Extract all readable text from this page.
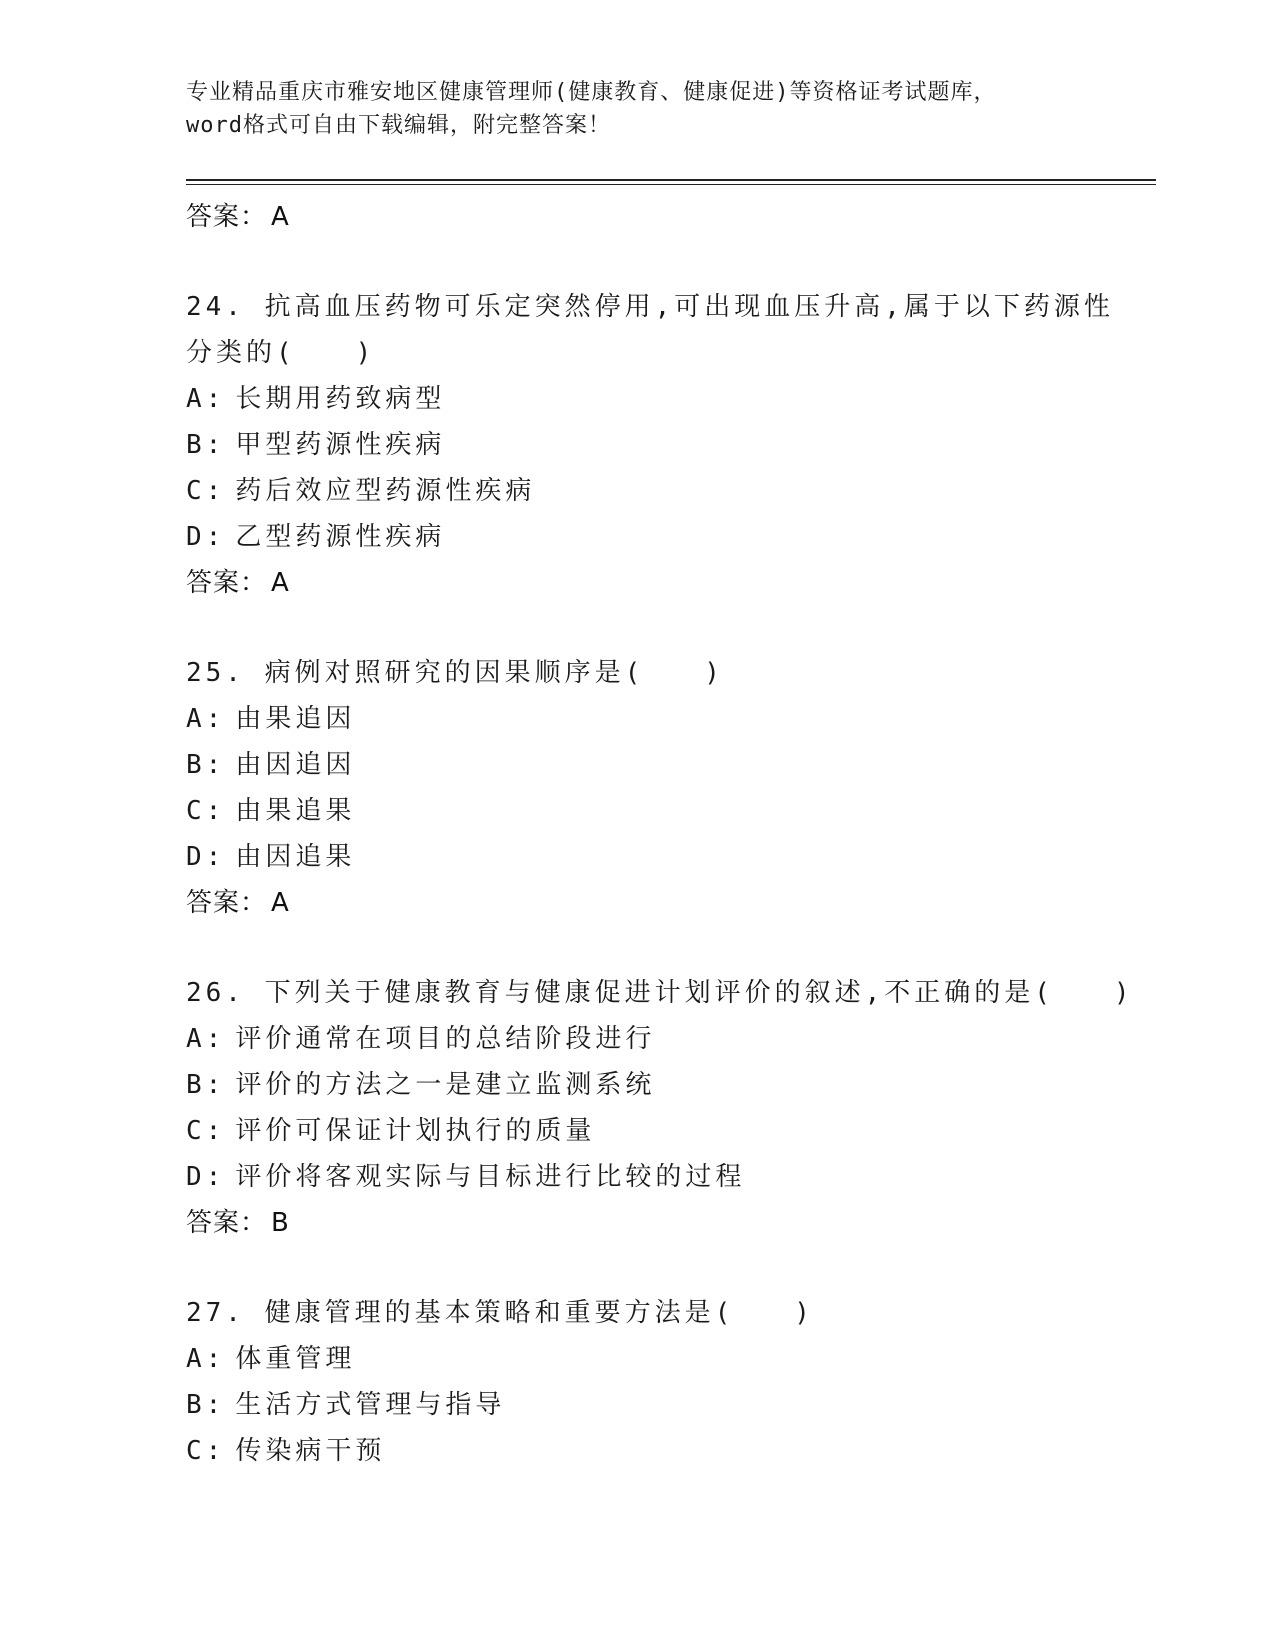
专业精品重庆市雅安地区健康管理师(健康教育、健康促进)等资格证考试题库，
word格式可自由下载编辑，附完整答案！
答案： A
24. 抗高血压药物可乐定突然停用,可出现血压升高,属于以下药源性
分类的(　　)
A: 长期用药致病型
B: 甲型药源性疾病
C: 药后效应型药源性疾病
D: 乙型药源性疾病
答案： A
25. 病例对照研究的因果顺序是(　　)
A: 由果追因
B: 由因追因
C: 由果追果
D: 由因追果
答案： A
26. 下列关于健康教育与健康促进计划评价的叙述,不正确的是(　　)
A: 评价通常在项目的总结阶段进行
B: 评价的方法之一是建立监测系统
C: 评价可保证计划执行的质量
D: 评价将客观实际与目标进行比较的过程
答案： B
27. 健康管理的基本策略和重要方法是(　　)
A: 体重管理
B: 生活方式管理与指导
C: 传染病干预
